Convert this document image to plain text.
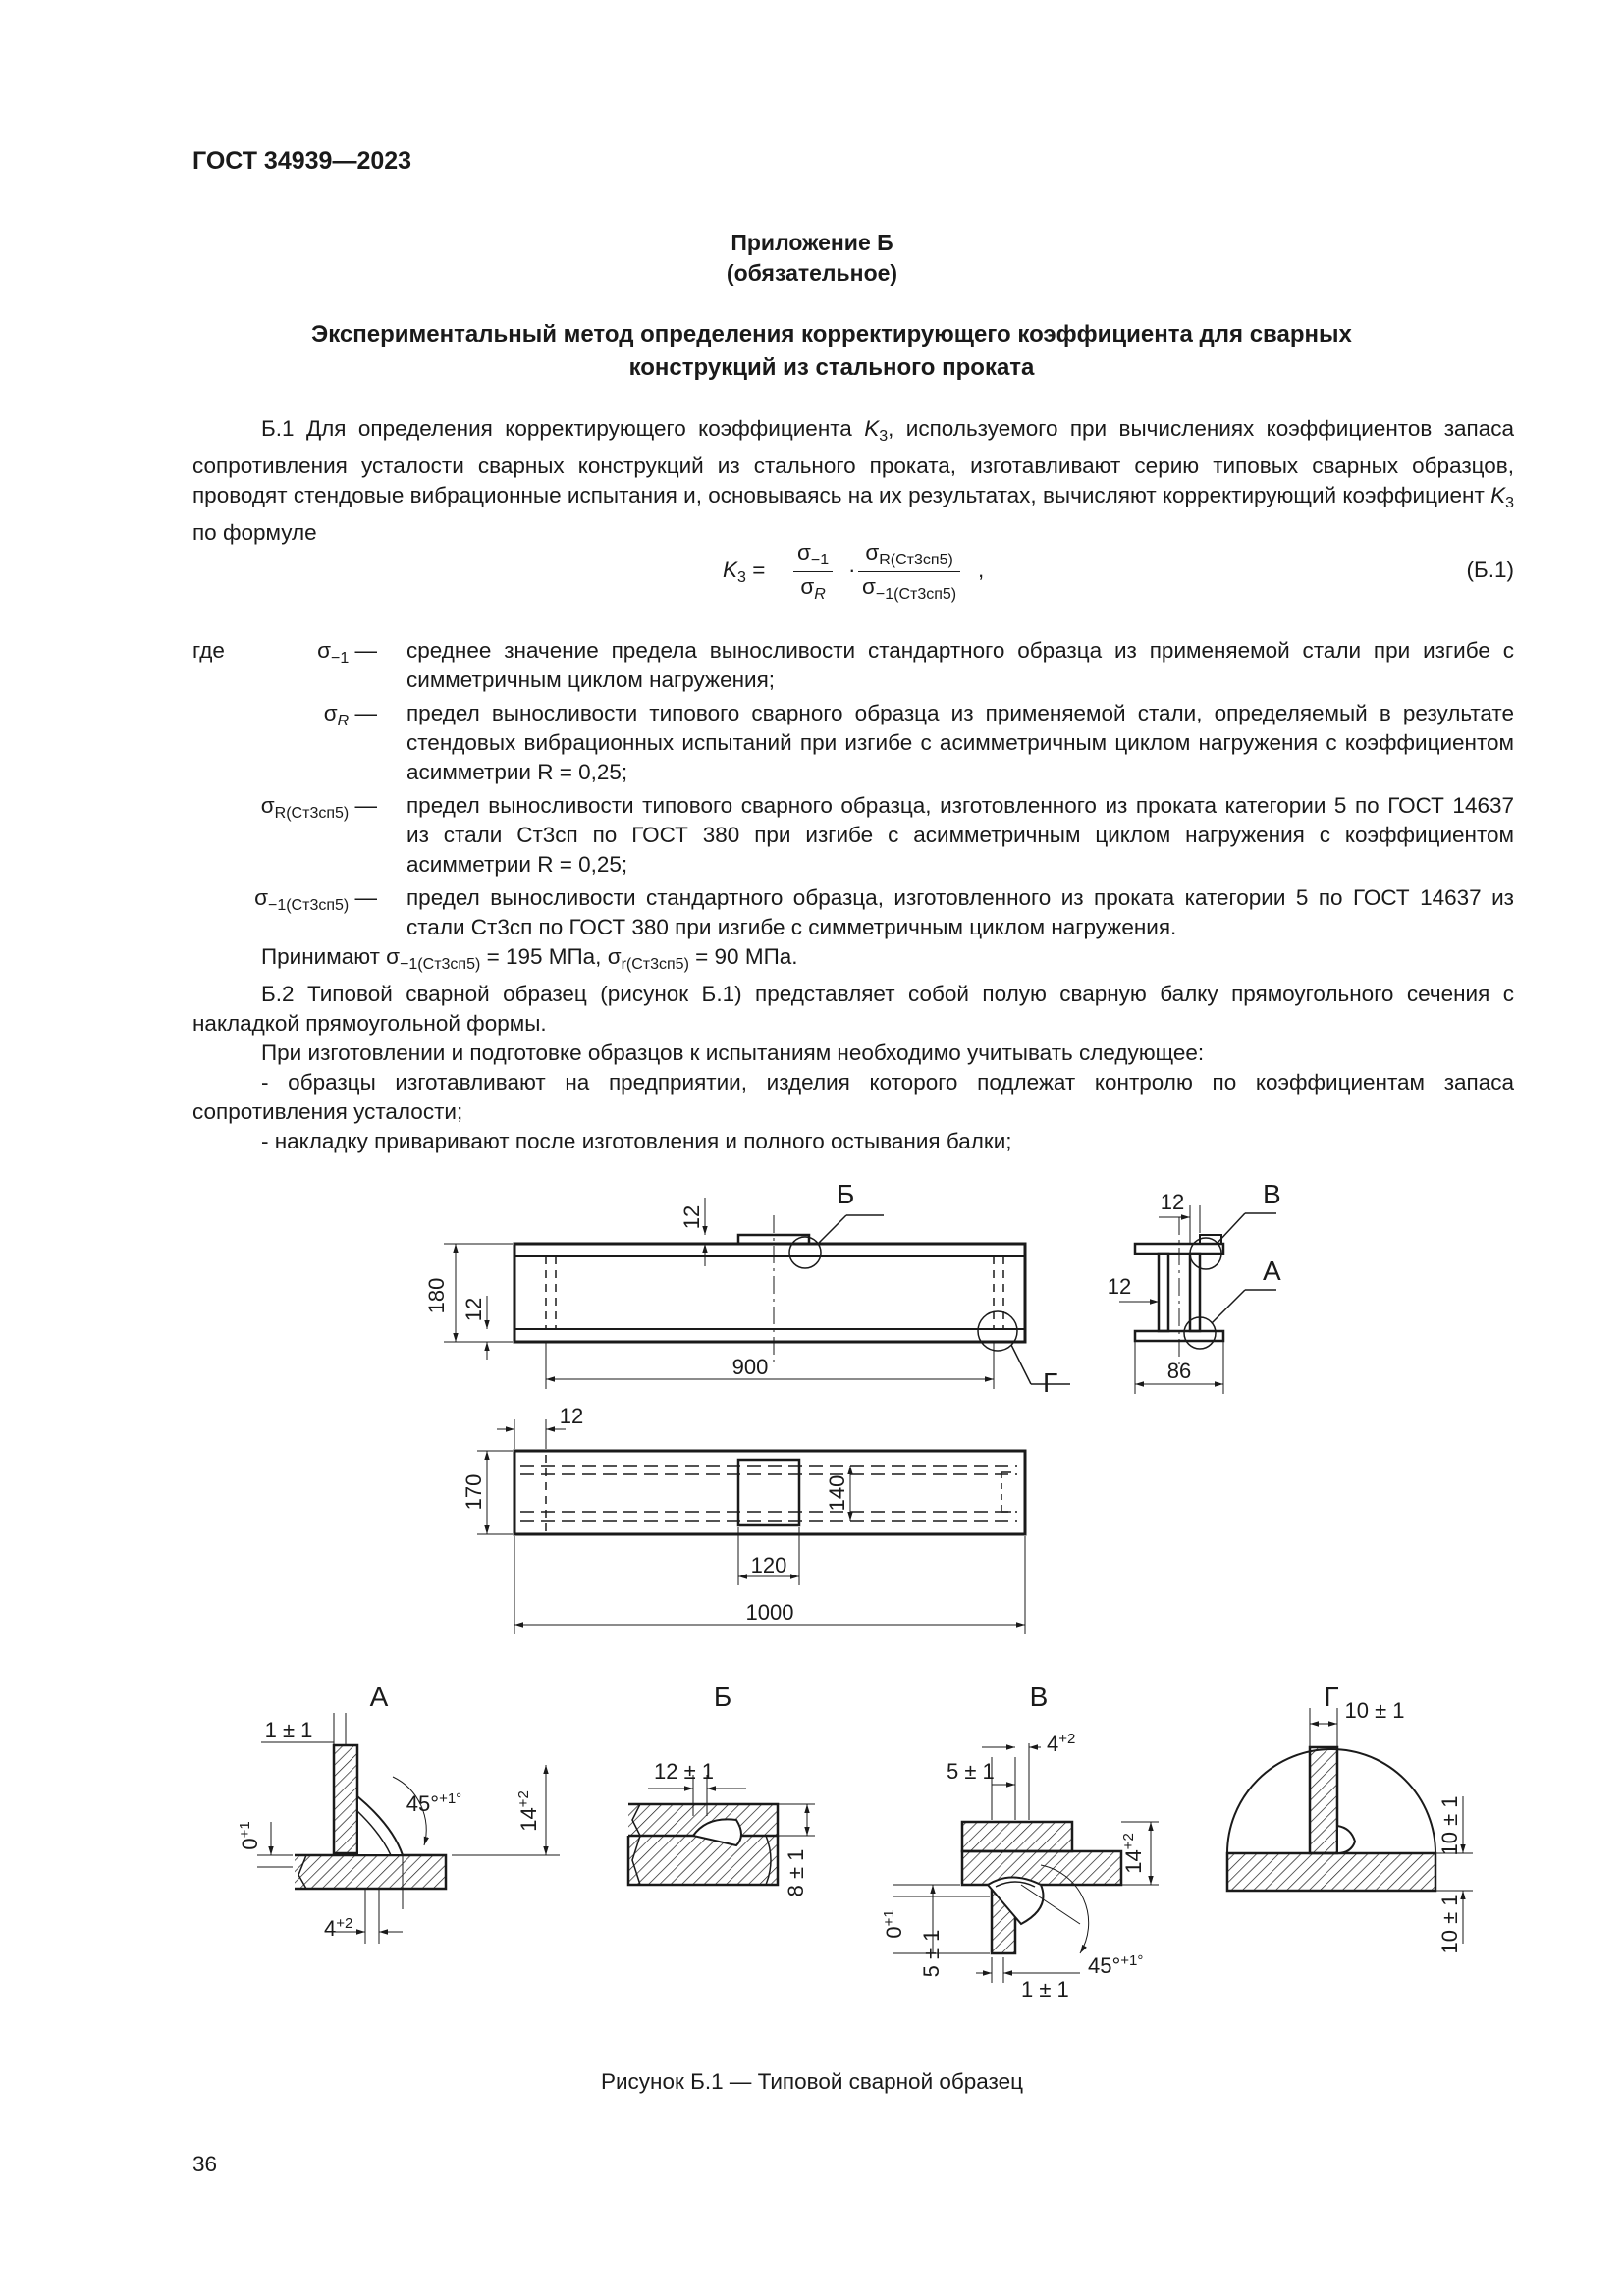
ГОСТ 34939—2023
Приложение Б
(обязательное)
Экспериментальный метод определения корректирующего коэффициента для сварных конструкций из стального проката

Б.1 Для определения корректирующего коэффициента $K_3$, используемого при вычислениях коэффициентов запаса сопротивления усталости сварных конструкций из стального проката, изготавливают серию типовых сварных образцов, проводят стендовые вибрационные испытания и, основываясь на их результатах, вычисляют корректирующий коэффициент $K_3$ по формуле

$K_3 = \frac{\sigma_{-1}}{\sigma_R}$ ·
$\sigma_{R(Ст3сп5)}$
$\sigma_{-1(Ст3сп5)}$
,	(Б.1)
где	$\sigma_{-1}$ — среднее значение предела выносливости стандартного образца из применяемой стали при изгибе с симметричным циклом нагружения;
$\sigma_R$ — предел выносливости типового сварного образца из применяемой стали, определяемый в результате стендовых вибрационных испытаний при изгибе с асимметричным циклом нагружения с коэффициентом асимметрии R = 0,25;
$\sigma_{R(Ст3сп5)}$ — предел выносливости типового сварного образца, изготовленного из проката категории 5 по ГОСТ 14637 из стали Ст3сп по ГОСТ 380 при изгибе с асимметричным циклом нагружения с коэффициентом асимметрии R = 0,25;
$\sigma_{-1(Ст3сп5)}$ — предел выносливости стандартного образца, изготовленного из проката категории 5 по ГОСТ 14637 из стали Ст3сп по ГОСТ 380 при изгибе с симметричным циклом нагружения.

Принимают $\sigma_{-1(Ст3сп5)} = 195$ МПа, $\sigma_{r(Ст3сп5)} = 90$ МПа.

Б.2 Типовой сварной образец (рисунок Б.1) представляет собой полую сварную балку прямоугольного сечения с накладкой прямоугольной формы.

При изготовлении и подготовке образцов к испытаниям необходимо учитывать следующее:

- образцы изготавливают на предприятии, изделия которого подлежат контролю по коэффициентам запаса сопротивления усталости;

- накладку приваривают после изготовления и полного остывания балки;

Б	В
А
Г
900
180 12
12
12
12
86
12
170	140
120
1000
А	Б	В	Г
1 ± 1
$0^{+1}$
45°$^{+1^\circ}$
$14^{+2}$
$4^{+2}$
12 ± 1
8 ± 1
$4^{+2}$
5 ± 1
$14^{+2}$
$0^{+1}$
5 ± 1
1 ± 1
45°$^{+1^\circ}$
10 ± 1
10 ± 1
10 ± 1
Рисунок Б.1 — Типовой сварной образец
36
